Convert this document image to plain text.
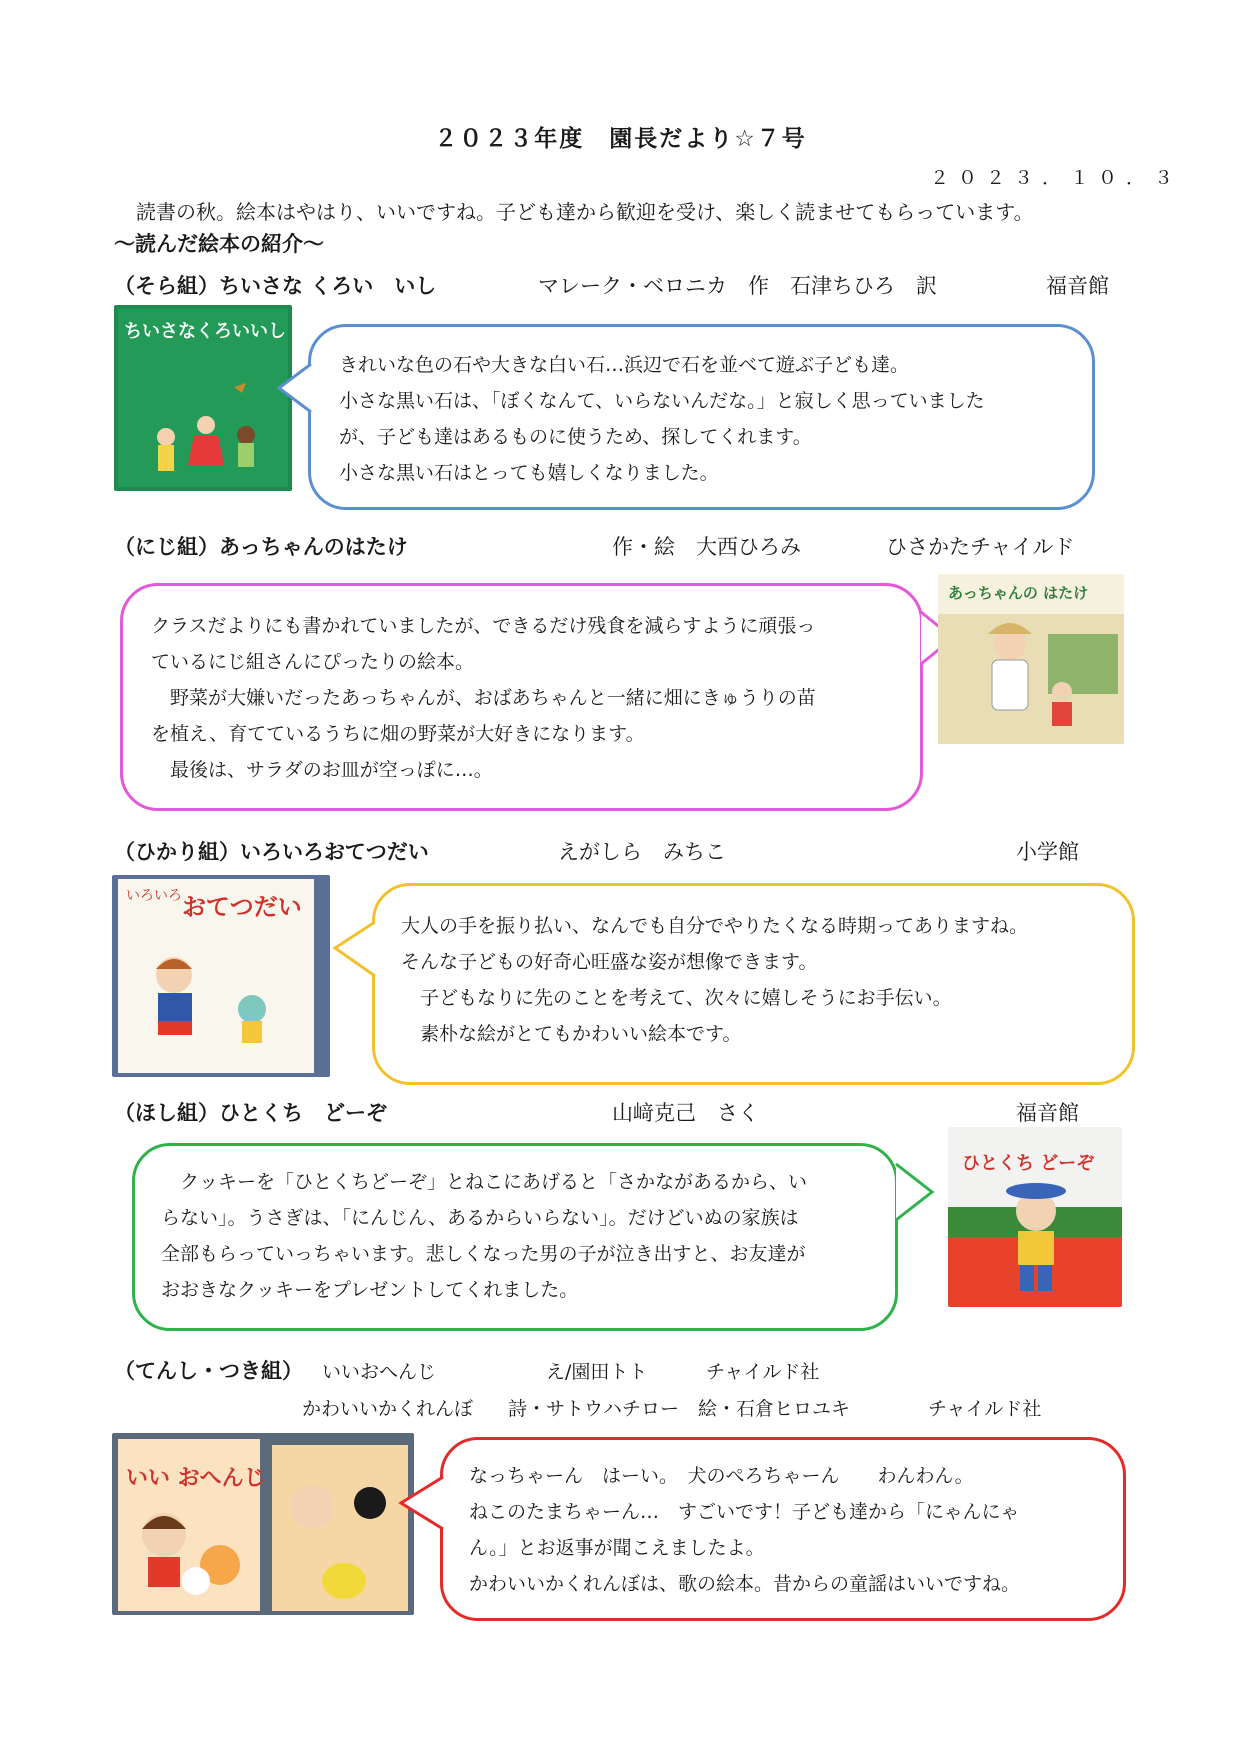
２０２３年度　園長だより☆７号
２０２３．１０．３
読書の秋。絵本はやはり、いいですね。子ども達から歓迎を受け、楽しく読ませてもらっています。
～読んだ絵本の紹介～
（そら組）ちいさな くろい　いし	マレーク・ベロニカ　作　石津ちひろ　訳	福音館
ちいさなくろいいし

きれいな色の石や大きな白い石…浜辺で石を並べて遊ぶ子ども達。

小さな黒い石は、「ぼくなんて、いらないんだな。」と寂しく思っていました

が、子ども達はあるものに使うため、探してくれます。

小さな黒い石はとっても嬉しくなりました。

（にじ組）あっちゃんのはたけ	作・絵　大西ひろみ	ひさかたチャイルド

クラスだよりにも書かれていましたが、できるだけ残食を減らすように頑張っ

ているにじ組さんにぴったりの絵本。

　野菜が大嫌いだったあっちゃんが、おばあちゃんと一緒に畑にきゅうりの苗

を植え、育てているうちに畑の野菜が大好きになります。

　最後は、サラダのお皿が空っぽに…。

あっちゃんの はたけ
（ひかり組）いろいろおてつだい	えがしら　みちこ	小学館
いろいろ おてつだい

大人の手を振り払い、なんでも自分でやりたくなる時期ってありますね。

そんな子どもの好奇心旺盛な姿が想像できます。

　子どもなりに先のことを考えて、次々に嬉しそうにお手伝い。

　素朴な絵がとてもかわいい絵本です。

（ほし組）ひとくち　どーぞ	山﨑克己　さく	福音館

　クッキーを「ひとくちどーぞ」とねこにあげると「さかながあるから、い

らない」。うさぎは、「にんじん、あるからいらない」。だけどいぬの家族は

全部もらっていっちゃいます。悲しくなった男の子が泣き出すと、お友達が

おおきなクッキーをプレゼントしてくれました。

ひとくち どーぞ
（てんし・つき組） いいおへんじ	え/園田トト	チャイルド社
かわいいかくれんぼ 詩・サトウハチロー　絵・石倉ヒロユキ	チャイルド社
いい おへんじ	なっちゃーん　はーい。　犬のぺろちゃーん　　わんわん。

ねこのたまちゃーん…　すごいです！子ども達から「にゃんにゃ

ん。」とお返事が聞こえましたよ。

かわいいかくれんぼは、歌の絵本。昔からの童謡はいいですね。
